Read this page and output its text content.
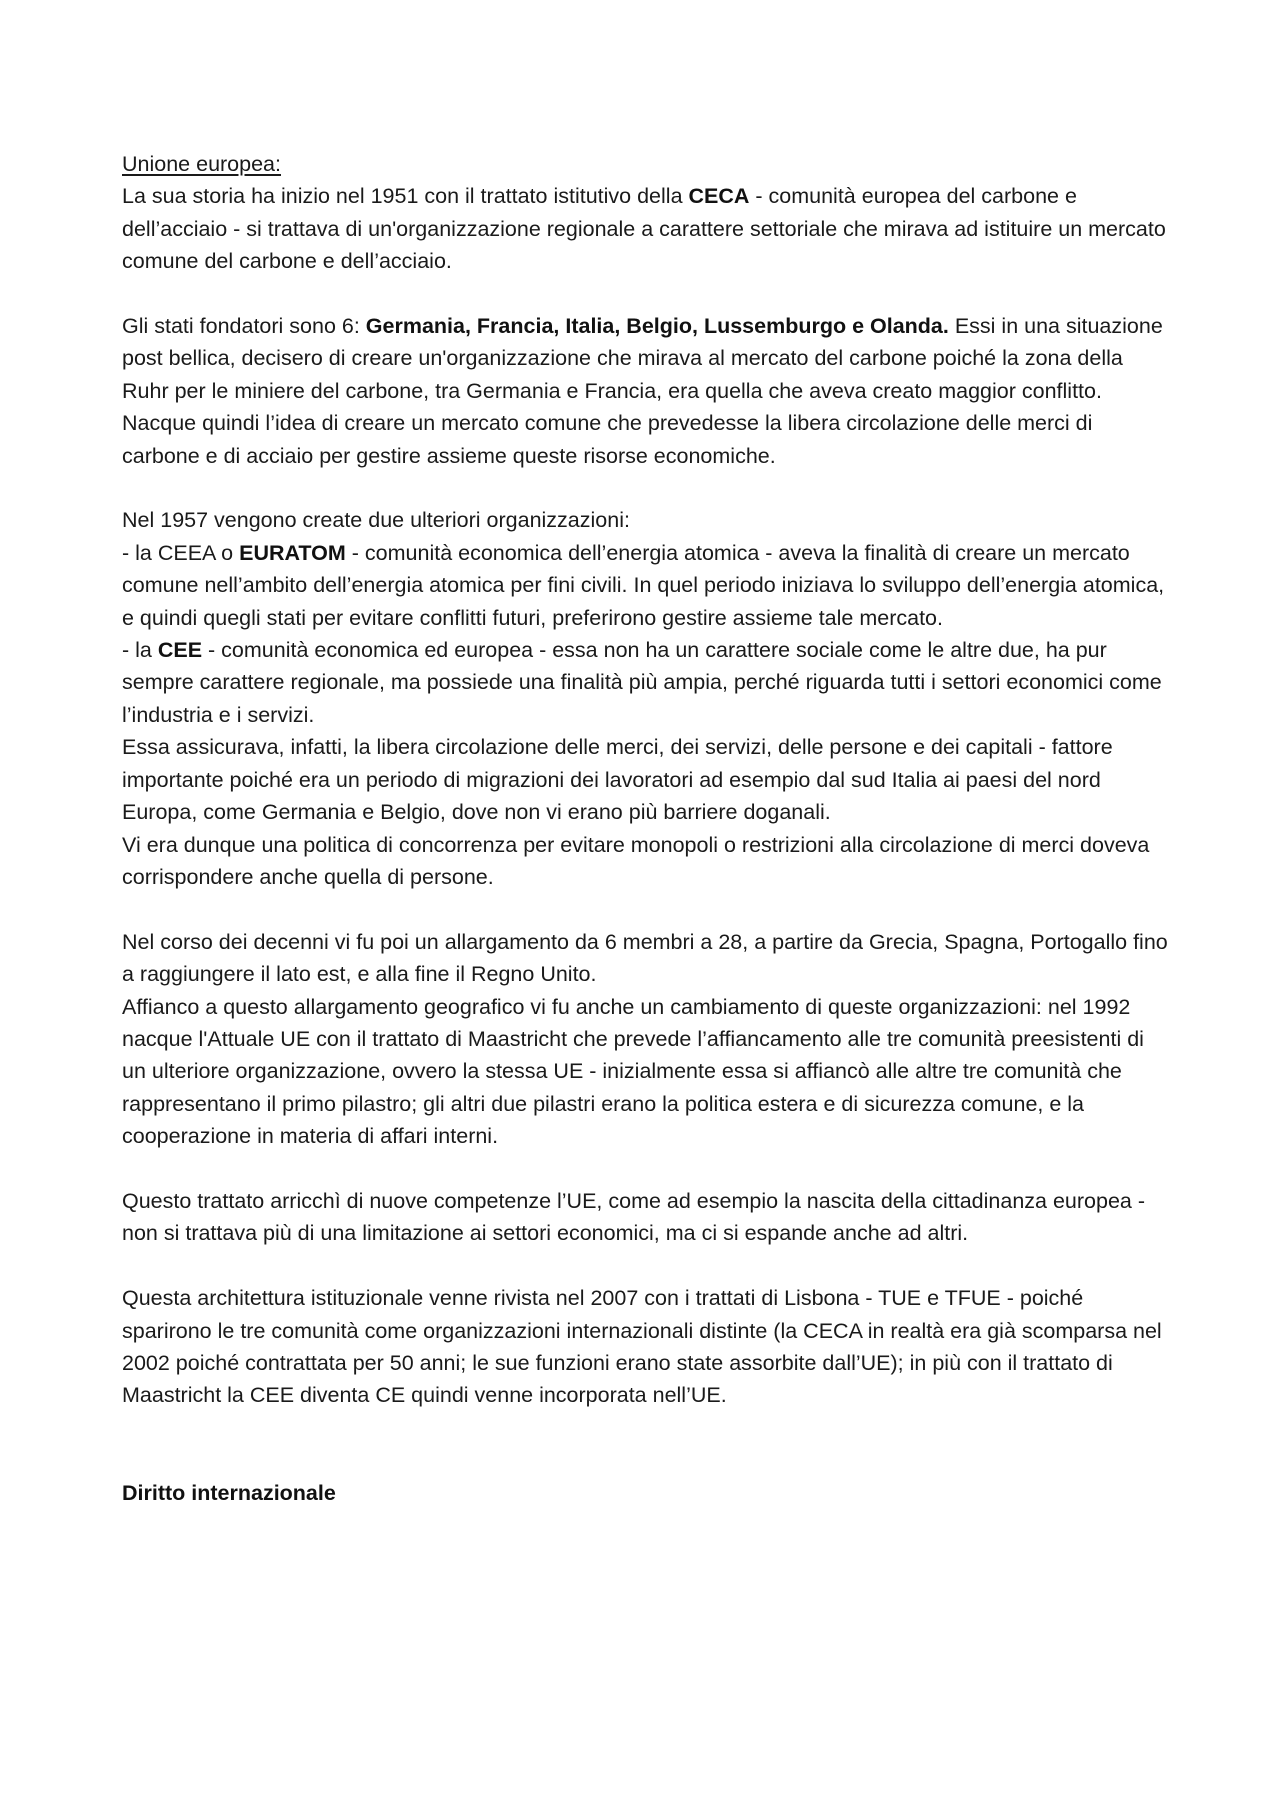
Unione europea:

La sua storia ha inizio nel 1951 con il trattato istitutivo della CECA - comunità europea del carbone e dell’acciaio - si trattava di un'organizzazione regionale a carattere settoriale che mirava ad istituire un mercato comune del carbone e dell’acciaio.

Gli stati fondatori sono 6: Germania, Francia, Italia, Belgio, Lussemburgo e Olanda. Essi in una situazione post bellica, decisero di creare un'organizzazione che mirava al mercato del carbone poiché la zona della Ruhr per le miniere del carbone, tra Germania e Francia, era quella che aveva creato maggior conflitto.

Nacque quindi l’idea di creare un mercato comune che prevedesse la libera circolazione delle merci di carbone e di acciaio per gestire assieme queste risorse economiche.

Nel 1957 vengono create due ulteriori organizzazioni:

- la CEEA o EURATOM - comunità economica dell’energia atomica - aveva la finalità di creare un mercato comune nell’ambito dell’energia atomica per fini civili. In quel periodo iniziava lo sviluppo dell’energia atomica, e quindi quegli stati per evitare conflitti futuri, preferirono gestire assieme tale mercato.

- la CEE - comunità economica ed europea - essa non ha un carattere sociale come le altre due, ha pur sempre carattere regionale, ma possiede una finalità più ampia, perché riguarda tutti i settori economici come l’industria e i servizi.

Essa assicurava, infatti, la libera circolazione delle merci, dei servizi, delle persone e dei capitali - fattore importante poiché era un periodo di migrazioni dei lavoratori ad esempio dal sud Italia ai paesi del nord Europa, come Germania e Belgio, dove non vi erano più barriere doganali.

Vi era dunque una politica di concorrenza per evitare monopoli o restrizioni alla circolazione di merci doveva corrispondere anche quella di persone.

Nel corso dei decenni vi fu poi un allargamento da 6 membri a 28, a partire da Grecia, Spagna, Portogallo fino a raggiungere il lato est, e alla fine il Regno Unito.

Affianco a questo allargamento geografico vi fu anche un cambiamento di queste organizzazioni: nel 1992 nacque l'Attuale UE con il trattato di Maastricht che prevede l’affiancamento alle tre comunità preesistenti di un ulteriore organizzazione, ovvero la stessa UE - inizialmente essa si affiancò alle altre tre comunità che rappresentano il primo pilastro; gli altri due pilastri erano la politica estera e di sicurezza comune, e la cooperazione in materia di affari interni.

Questo trattato arricchì di nuove competenze l’UE, come ad esempio la nascita della cittadinanza europea - non si trattava più di una limitazione ai settori economici, ma ci si espande anche ad altri.

Questa architettura istituzionale venne rivista nel 2007 con i trattati di Lisbona - TUE e TFUE - poiché sparirono le tre comunità come organizzazioni internazionali distinte (la CECA in realtà era già scomparsa nel 2002 poiché contrattata per 50 anni; le sue funzioni erano state assorbite dall’UE); in più con il trattato di Maastricht la CEE diventa CE quindi venne incorporata nell’UE.

Diritto internazionale
